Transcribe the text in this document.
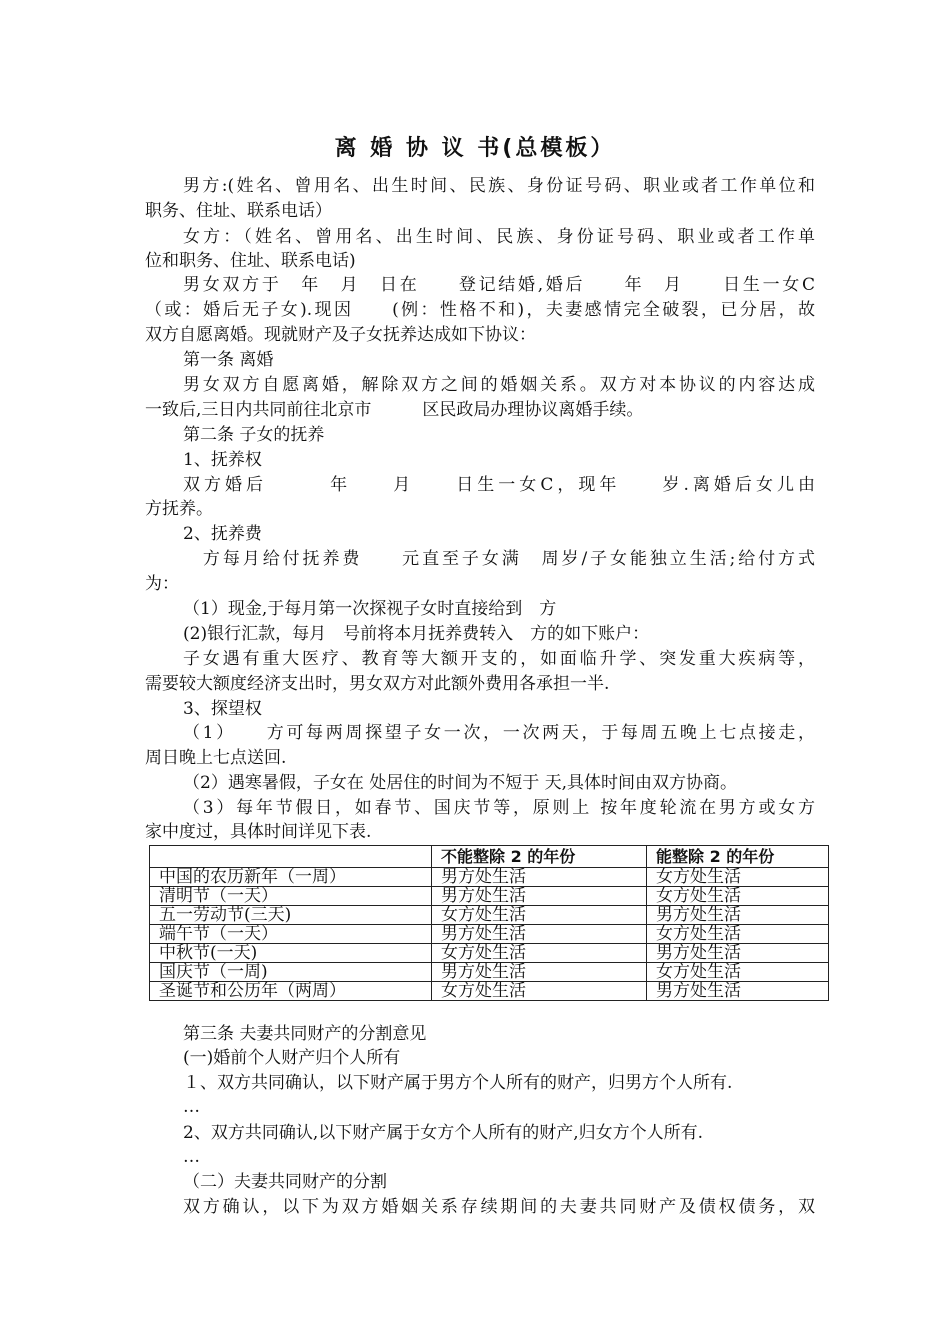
离 婚 协 议 书(总模板）
男方:(姓名、曾用名、出生时间、民族、身份证号码、职业或者工作单位和
职务、住址、联系电话）
女方：（姓名、曾用名、出生时间、民族、身份证号码、职业或者工作单
位和职务、住址、联系电话)
男女双方于　年　月　日在　　登记结婚,婚后　　年　月　　日生一女C
（或：婚后无子女).现因　　(例：性格不和)，夫妻感情完全破裂，已分居，故
双方自愿离婚。现就财产及子女抚养达成如下协议：
第一条 离婚
男女双方自愿离婚，解除双方之间的婚姻关系。双方对本协议的内容达成
一致后,三日内共同前往北京市　　　区民政局办理协议离婚手续。
第二条 子女的抚养
1、抚养权
双方婚后　　　年　　月　　日生一女C，现年　　岁.离婚后女儿由
方抚养。
2、抚养费
　方每月给付抚养费　　元直至子女满　周岁/子女能独立生活;给付方式
为：
（1）现金,于每月第一次探视子女时直接给到　方
(2)银行汇款，每月　号前将本月抚养费转入　方的如下账户：
子女遇有重大医疗、教育等大额开支的，如面临升学、突发重大疾病等，
需要较大额度经济支出时，男女双方对此额外费用各承担一半.
3、探望权
（1）　　方可每两周探望子女一次，一次两天，于每周五晚上七点接走，
周日晚上七点送回.
（2）遇寒暑假，子女在 处居住的时间为不短于 天,具体时间由双方协商。
（3）每年节假日，如春节、国庆节等，原则上 按年度轮流在男方或女方
家中度过，具体时间详见下表.
	不能整除 2 的年份	能整除 2 的年份
中国的农历新年（一周）	男方处生活	女方处生活
清明节（一天）	男方处生活	女方处生活
五一劳动节(三天)	女方处生活	男方处生活
端午节（一天）	男方处生活	女方处生活
中秋节(一天)	女方处生活	男方处生活
国庆节（一周)	男方处生活	女方处生活
圣诞节和公历年（两周）	女方处生活	男方处生活
第三条 夫妻共同财产的分割意见
(一)婚前个人财产归个人所有
１、双方共同确认，以下财产属于男方个人所有的财产，归男方个人所有.
…
2、双方共同确认,以下财产属于女方个人所有的财产,归女方个人所有.
…
（二）夫妻共同财产的分割
双方确认，以下为双方婚姻关系存续期间的夫妻共同财产及债权债务，双
